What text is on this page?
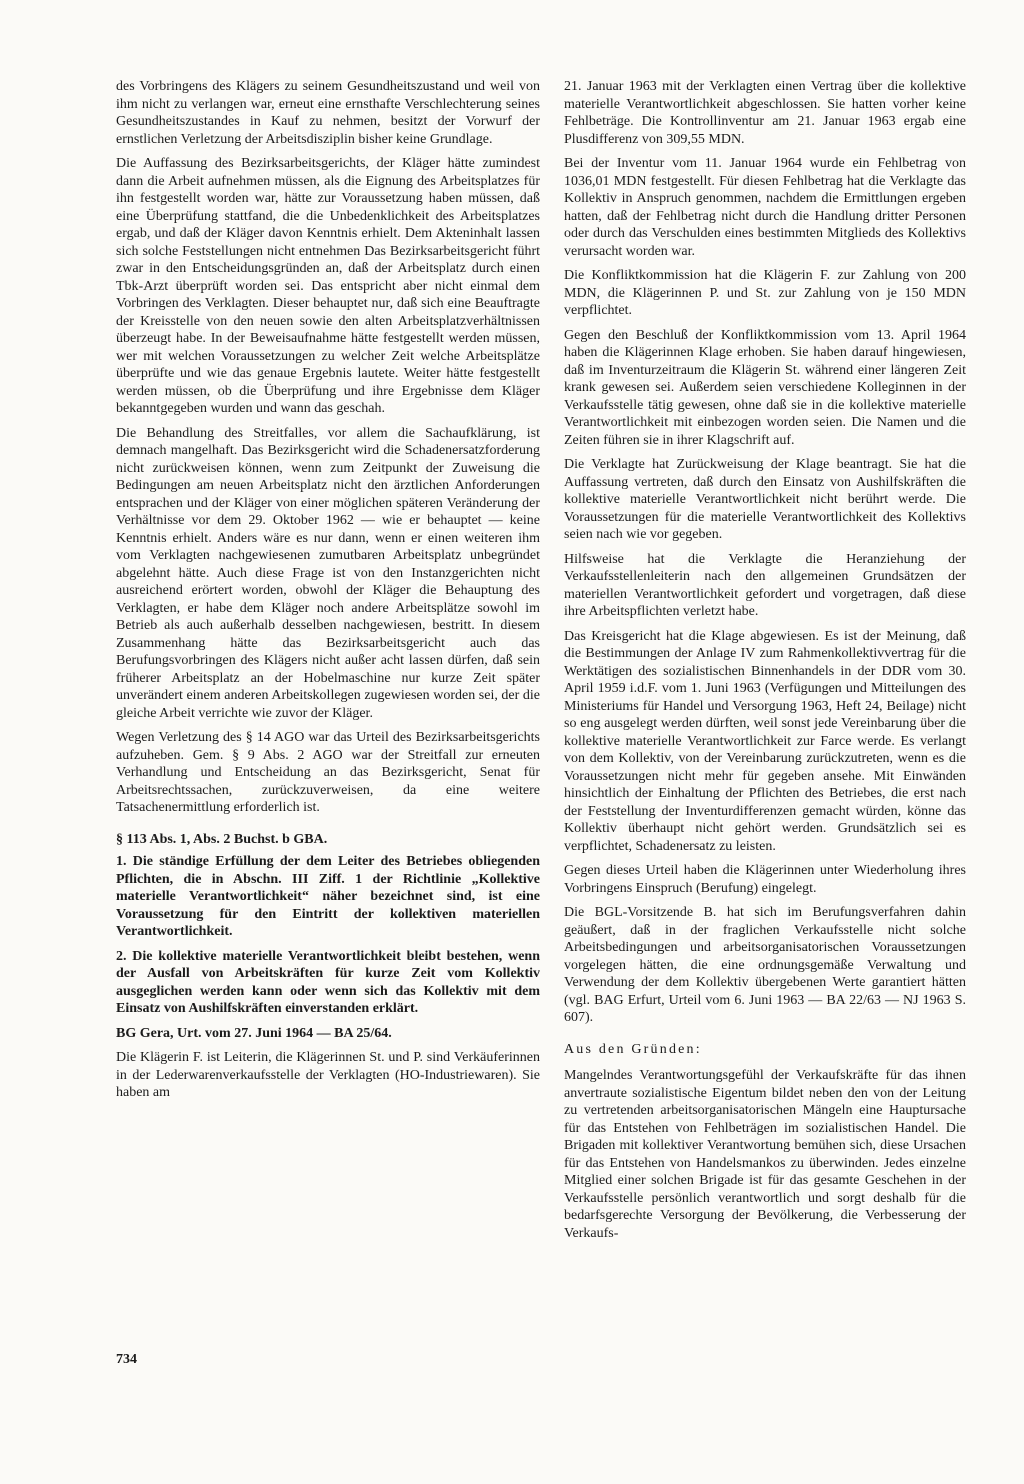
des Vorbringens des Klägers zu seinem Gesundheitszustand und weil von ihm nicht zu verlangen war, erneut eine ernsthafte Verschlechterung seines Gesundheitszustandes in Kauf zu nehmen, besitzt der Vorwurf der ernstlichen Verletzung der Arbeitsdisziplin bisher keine Grundlage.

Die Auffassung des Bezirksarbeitsgerichts, der Kläger hätte zumindest dann die Arbeit aufnehmen müssen, als die Eignung des Arbeitsplatzes für ihn festgestellt worden war, hätte zur Voraussetzung haben müssen, daß eine Überprüfung stattfand, die die Unbedenklichkeit des Arbeitsplatzes ergab, und daß der Kläger davon Kenntnis erhielt. Dem Akteninhalt lassen sich solche Feststellungen nicht entnehmen Das Bezirksarbeitsgericht führt zwar in den Entscheidungsgründen an, daß der Arbeitsplatz durch einen Tbk-Arzt überprüft worden sei. Das entspricht aber nicht einmal dem Vorbringen des Verklagten. Dieser behauptet nur, daß sich eine Beauftragte der Kreisstelle von den neuen sowie den alten Arbeitsplatzverhältnissen überzeugt habe. In der Beweisaufnahme hätte festgestellt werden müssen, wer mit welchen Voraussetzungen zu welcher Zeit welche Arbeitsplätze überprüfte und wie das genaue Ergebnis lautete. Weiter hätte festgestellt werden müssen, ob die Überprüfung und ihre Ergebnisse dem Kläger bekanntgegeben wurden und wann das geschah.

Die Behandlung des Streitfalles, vor allem die Sachaufklärung, ist demnach mangelhaft. Das Bezirksgericht wird die Schadenersatzforderung nicht zurückweisen können, wenn zum Zeitpunkt der Zuweisung die Bedingungen am neuen Arbeitsplatz nicht den ärztlichen Anforderungen entsprachen und der Kläger von einer möglichen späteren Veränderung der Verhältnisse vor dem 29. Oktober 1962 — wie er behauptet — keine Kenntnis erhielt. Anders wäre es nur dann, wenn er einen weiteren ihm vom Verklagten nachgewiesenen zumutbaren Arbeitsplatz unbegründet abgelehnt hätte. Auch diese Frage ist von den Instanzgerichten nicht ausreichend erörtert worden, obwohl der Kläger die Behauptung des Verklagten, er habe dem Kläger noch andere Arbeitsplätze sowohl im Betrieb als auch außerhalb desselben nachgewiesen, bestritt. In diesem Zusammenhang hätte das Bezirksarbeitsgericht auch das Berufungsvorbringen des Klägers nicht außer acht lassen dürfen, daß sein früherer Arbeitsplatz an der Hobelmaschine nur kurze Zeit später unverändert einem anderen Arbeitskollegen zugewiesen worden sei, der die gleiche Arbeit verrichte wie zuvor der Kläger.

Wegen Verletzung des § 14 AGO war das Urteil des Bezirksarbeitsgerichts aufzuheben. Gem. § 9 Abs. 2 AGO war der Streitfall zur erneuten Verhandlung und Entscheidung an das Bezirksgericht, Senat für Arbeitsrechtssachen, zurückzuverweisen, da eine weitere Tatsachenermittlung erforderlich ist.

§ 113 Abs. 1, Abs. 2 Buchst. b GBA.

1. Die ständige Erfüllung der dem Leiter des Betriebes obliegenden Pflichten, die in Abschn. III Ziff. 1 der Richtlinie „Kollektive materielle Verantwortlichkeit“ näher bezeichnet sind, ist eine Voraussetzung für den Eintritt der kollektiven materiellen Verantwortlichkeit.

2. Die kollektive materielle Verantwortlichkeit bleibt bestehen, wenn der Ausfall von Arbeitskräften für kurze Zeit vom Kollektiv ausgeglichen werden kann oder wenn sich das Kollektiv mit dem Einsatz von Aushilfskräften einverstanden erklärt.

BG Gera, Urt. vom 27. Juni 1964 — BA 25/64.

Die Klägerin F. ist Leiterin, die Klägerinnen St. und P. sind Verkäuferinnen in der Lederwarenverkaufsstelle der Verklagten (HO-Industriewaren). Sie haben am

21. Januar 1963 mit der Verklagten einen Vertrag über die kollektive materielle Verantwortlichkeit abgeschlossen. Sie hatten vorher keine Fehlbeträge. Die Kontrollinventur am 21. Januar 1963 ergab eine Plusdifferenz von 309,55 MDN.

Bei der Inventur vom 11. Januar 1964 wurde ein Fehlbetrag von 1036,01 MDN festgestellt. Für diesen Fehlbetrag hat die Verklagte das Kollektiv in Anspruch genommen, nachdem die Ermittlungen ergeben hatten, daß der Fehlbetrag nicht durch die Handlung dritter Personen oder durch das Verschulden eines bestimmten Mitglieds des Kollektivs verursacht worden war.

Die Konfliktkommission hat die Klägerin F. zur Zahlung von 200 MDN, die Klägerinnen P. und St. zur Zahlung von je 150 MDN verpflichtet.

Gegen den Beschluß der Konfliktkommission vom 13. April 1964 haben die Klägerinnen Klage erhoben. Sie haben darauf hingewiesen, daß im Inventurzeitraum die Klägerin St. während einer längeren Zeit krank gewesen sei. Außerdem seien verschiedene Kolleginnen in der Verkaufsstelle tätig gewesen, ohne daß sie in die kollektive materielle Verantwortlichkeit mit einbezogen worden seien. Die Namen und die Zeiten führen sie in ihrer Klagschrift auf.

Die Verklagte hat Zurückweisung der Klage beantragt. Sie hat die Auffassung vertreten, daß durch den Einsatz von Aushilfskräften die kollektive materielle Verantwortlichkeit nicht berührt werde. Die Voraussetzungen für die materielle Verantwortlichkeit des Kollektivs seien nach wie vor gegeben.

Hilfsweise hat die Verklagte die Heranziehung der Verkaufsstellenleiterin nach den allgemeinen Grundsätzen der materiellen Verantwortlichkeit gefordert und vorgetragen, daß diese ihre Arbeitspflichten verletzt habe.

Das Kreisgericht hat die Klage abgewiesen. Es ist der Meinung, daß die Bestimmungen der Anlage IV zum Rahmenkollektivvertrag für die Werktätigen des sozialistischen Binnenhandels in der DDR vom 30. April 1959 i.d.F. vom 1. Juni 1963 (Verfügungen und Mitteilungen des Ministeriums für Handel und Versorgung 1963, Heft 24, Beilage) nicht so eng ausgelegt werden dürften, weil sonst jede Vereinbarung über die kollektive materielle Verantwortlichkeit zur Farce werde. Es verlangt von dem Kollektiv, von der Vereinbarung zurückzutreten, wenn es die Voraussetzungen nicht mehr für gegeben ansehe. Mit Einwänden hinsichtlich der Einhaltung der Pflichten des Betriebes, die erst nach der Feststellung der Inventurdifferenzen gemacht würden, könne das Kollektiv überhaupt nicht gehört werden. Grundsätzlich sei es verpflichtet, Schadenersatz zu leisten.

Gegen dieses Urteil haben die Klägerinnen unter Wiederholung ihres Vorbringens Einspruch (Berufung) eingelegt.

Die BGL-Vorsitzende B. hat sich im Berufungsverfahren dahin geäußert, daß in der fraglichen Verkaufsstelle nicht solche Arbeitsbedingungen und arbeitsorganisatorischen Voraussetzungen vorgelegen hätten, die eine ordnungsgemäße Verwaltung und Verwendung der dem Kollektiv übergebenen Werte garantiert hätten (vgl. BAG Erfurt, Urteil vom 6. Juni 1963 — BA 22/63 — NJ 1963 S. 607).

Aus den Gründen:

Mangelndes Verantwortungsgefühl der Verkaufskräfte für das ihnen anvertraute sozialistische Eigentum bildet neben den von der Leitung zu vertretenden arbeitsorganisatorischen Mängeln eine Hauptursache für das Entstehen von Fehlbeträgen im sozialistischen Handel. Die Brigaden mit kollektiver Verantwortung bemühen sich, diese Ursachen für das Entstehen von Handelsmankos zu überwinden. Jedes einzelne Mitglied einer solchen Brigade ist für das gesamte Geschehen in der Verkaufsstelle persönlich verantwortlich und sorgt deshalb für die bedarfsgerechte Versorgung der Bevölkerung, die Verbesserung der Verkaufs-

734
